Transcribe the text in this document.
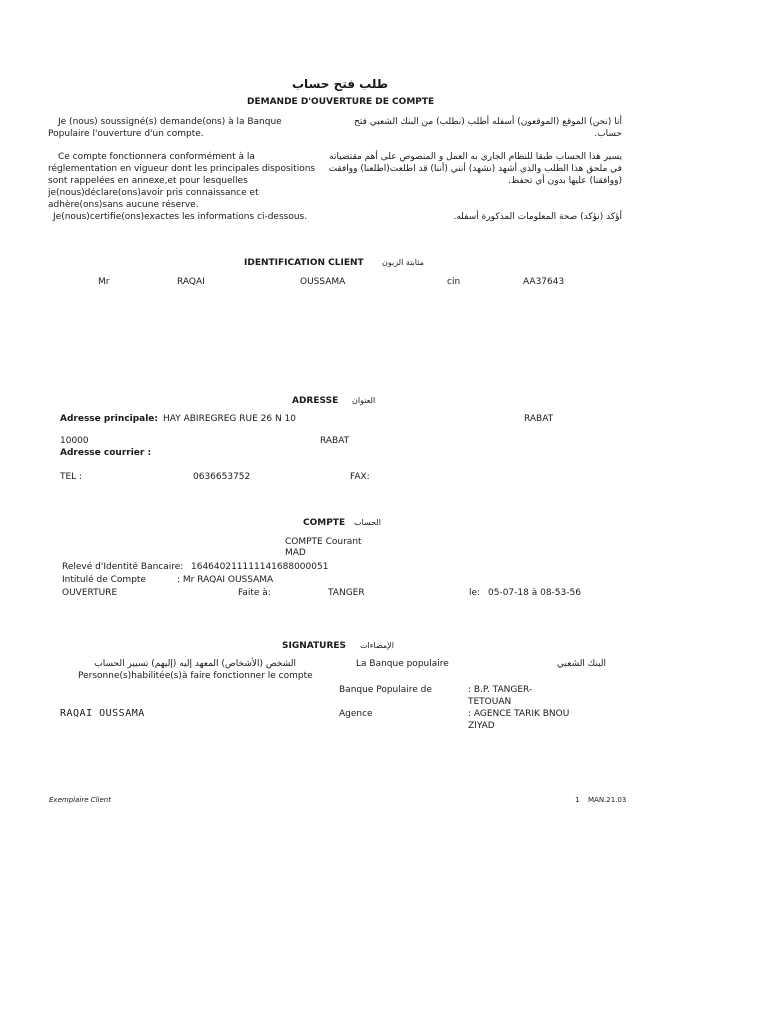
طلب فتح حساب
DEMANDE D'OUVERTURE DE COMPTE
Je (nous) soussigné(s) demande(ons) à la Banque Populaire l'ouverture d'un compte.
أنا (نحن) الموقع (الموقعون) أسفله أطلب (نطلب) من البنك الشعبي فتح حساب.
Ce compte fonctionnera conformément à la réglementation en vigueur dont les principales dispositions sont rappelées en annexe,et pour lesquelles je(nous)déclare(ons)avoir pris connaissance et adhère(ons)sans aucune réserve.
يسير هذا الحساب طبقا للنظام الجاري به العمل و المنصوص على أهم مقتضياته في ملحق هذا الطلب والذي أشهد (نشهد) أنني (أننا) قد اطلعت(اطلعنا) ووافقت (ووافقنا) عليها بدون أي تحفظ.
Je(nous)certifie(ons)exactes les informations ci-dessous.	أؤكد (نؤكد) صحة المعلومات المذكورة أسفله.
IDENTIFICATION CLIENT مثابتة الزبون
Mr	RAQAI	OUSSAMA	cin	AA37643
ADRESSE العنوان
Adresse principale: HAY ABIREGREG RUE 26 N 10	RABAT
10000	RABAT
Adresse courrier :
TEL :	0636653752	FAX:
COMPTE الحساب
COMPTE Courant
MAD
Relevé d'Identité Bancaire: 164640211111141688000051
Intitulé de Compte	: Mr RAQAI OUSSAMA
OUVERTURE	Faite à:	TANGER	le: 05-07-18 à 08-53-56
SIGNATURES الإمضاءات
الشخص (الأشخاص) المعهد إليه (إليهم) تسيير الحساب
Personne(s)habilitée(s)à faire fonctionner le compte
La Banque populaire	البنك الشعبي
Banque Populaire de	: B.P. TANGER-TETOUAN
RAQAI OUSSAMA	Agence	: AGENCE TARIK BNOU ZIYAD
Exemplaire Client	1 MAN.21.03
